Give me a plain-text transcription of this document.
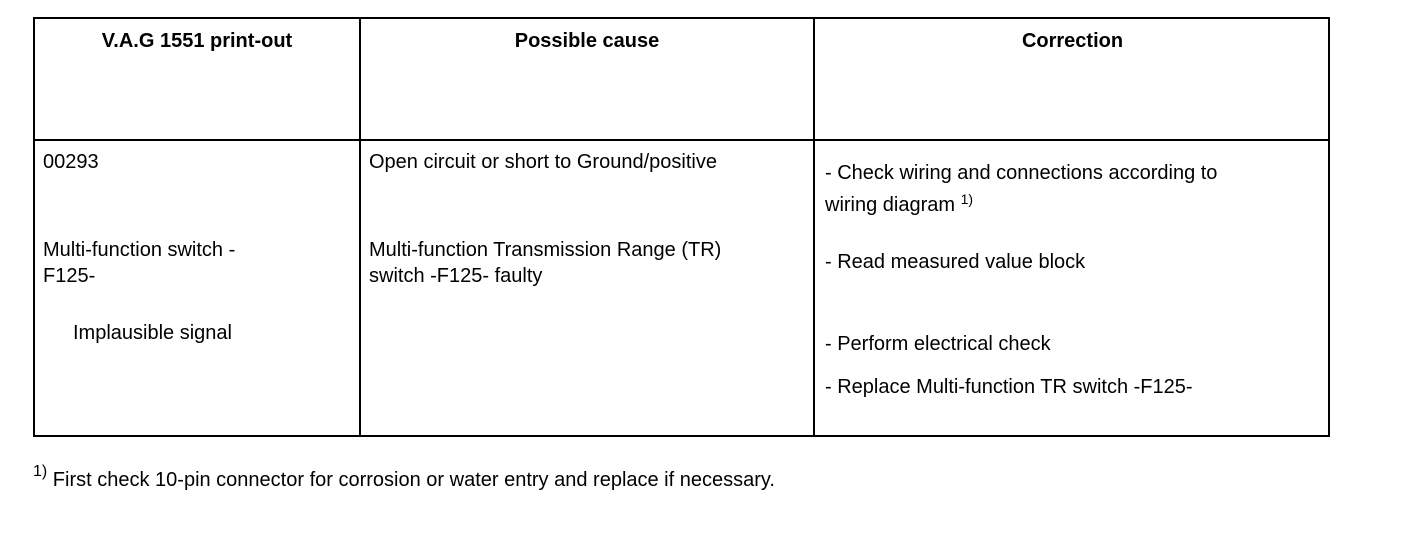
V.A.G 1551 print-out	Possible cause	Correction
00293
Multi-function switch -
F125-
Implausible signal
Open circuit or short to Ground/positive
Multi-function Transmission Range (TR)
switch -F125- faulty
- Check wiring and connections according to
wiring diagram $^{1)}$
- Read measured value block
- Perform electrical check
- Replace Multi-function TR switch -F125-
$^{1)}$ First check 10-pin connector for corrosion or water entry and replace if necessary.
